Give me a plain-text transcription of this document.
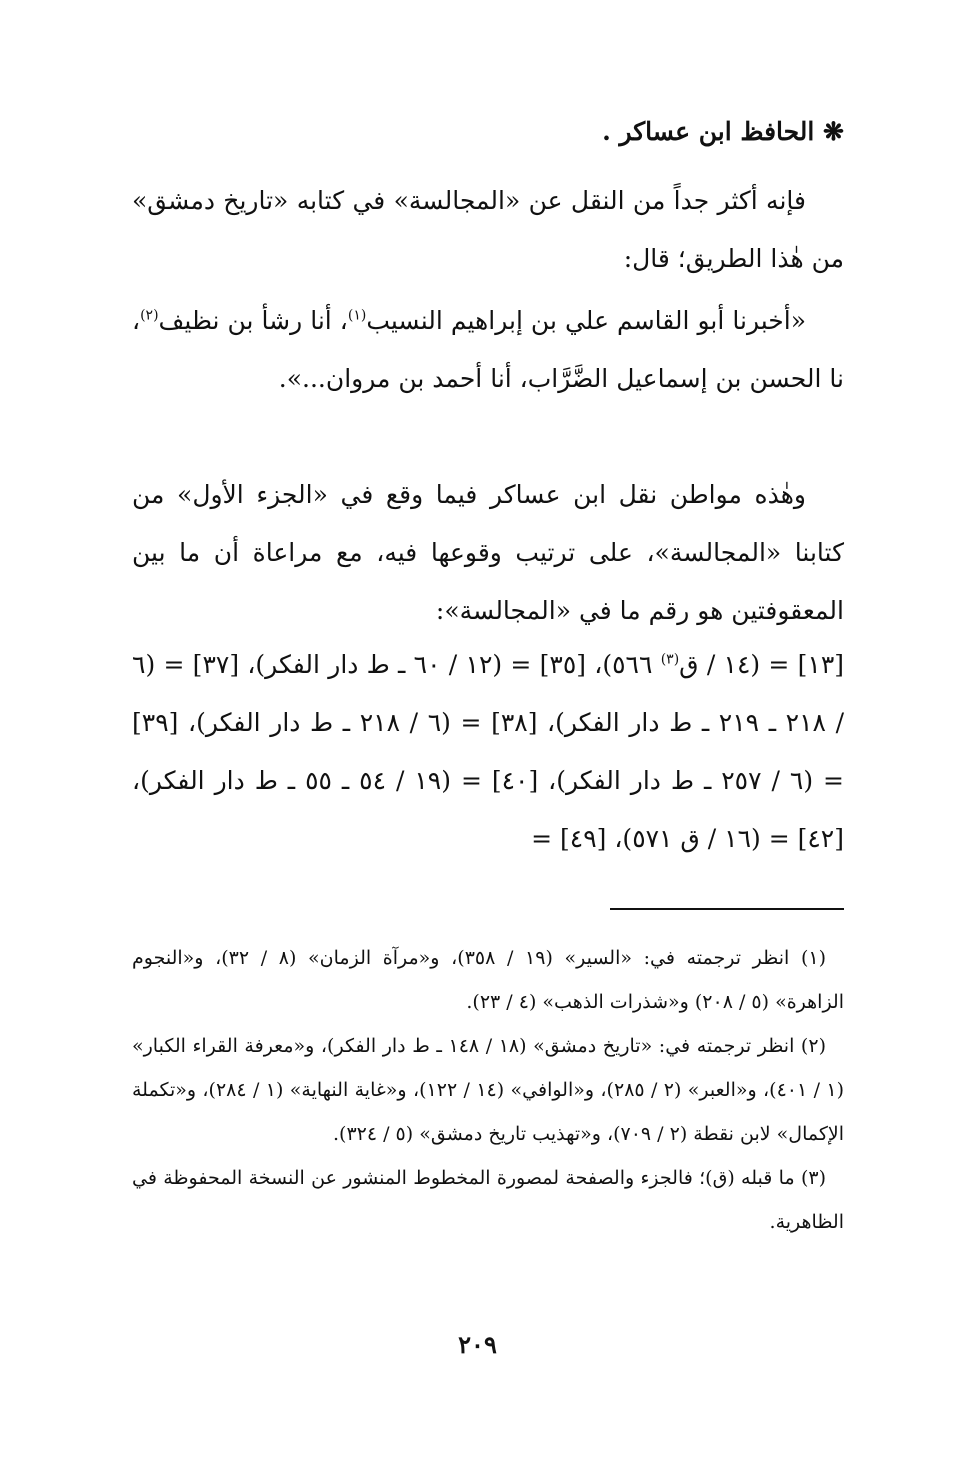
❋ الحافظ ابن عساكر .

فإنه أكثر جداً من النقل عن «المجالسة» في كتابه «تاريخ دمشق» من هٰذا الطريق؛ قال:

«أخبرنا أبو القاسم علي بن إبراهيم النسيب$^{(١)}$، أنا رشأ بن نظيف$^{(٢)}$، نا الحسن بن إسماعيل الضَّرَّاب، أنا أحمد بن مروان...».

وهٰذه مواطن نقل ابن عساكر فيما وقع في «الجزء الأول» من كتابنا «المجالسة»، على ترتيب وقوعها فيه، مع مراعاة أن ما بين المعقوفتين هو رقم ما في «المجالسة»:

[١٣] = (١٤ / ق$^{(٣)}$ ٥٦٦)، [٣٥] = (١٢ / ٦٠ ـ ط دار الفكر)، [٣٧] = (٦ / ٢١٨ ـ ٢١٩ ـ ط دار الفكر)، [٣٨] = (٦ / ٢١٨ ـ ط دار الفكر)، [٣٩] = (٦ / ٢٥٧ ـ ط دار الفكر)، [٤٠] = (١٩ / ٥٤ ـ ٥٥ ـ ط دار الفكر)، [٤٢] = (١٦ / ق ٥٧١)، [٤٩] =

(١) انظر ترجمته في: «السير» (١٩ / ٣٥٨)، و«مرآة الزمان» (٨ / ٣٢)، و«النجوم الزاهرة» (٥ / ٢٠٨) و«شذرات الذهب» (٤ / ٢٣).

(٢) انظر ترجمته في: «تاريخ دمشق» (١٨ / ١٤٨ ـ ط دار الفكر)، و«معرفة القراء الكبار» (١ / ٤٠١)، و«العبر» (٢ / ٢٨٥)، و«الوافي» (١٤ / ١٢٢)، و«غاية النهاية» (١ / ٢٨٤)، و«تكملة الإكمال» لابن نقطة (٢ / ٧٠٩)، و«تهذيب تاريخ دمشق» (٥ / ٣٢٤).

(٣) ما قبله (ق)؛ فالجزء والصفحة لمصورة المخطوط المنشور عن النسخة المحفوظة في الظاهرية.

٢٠٩
